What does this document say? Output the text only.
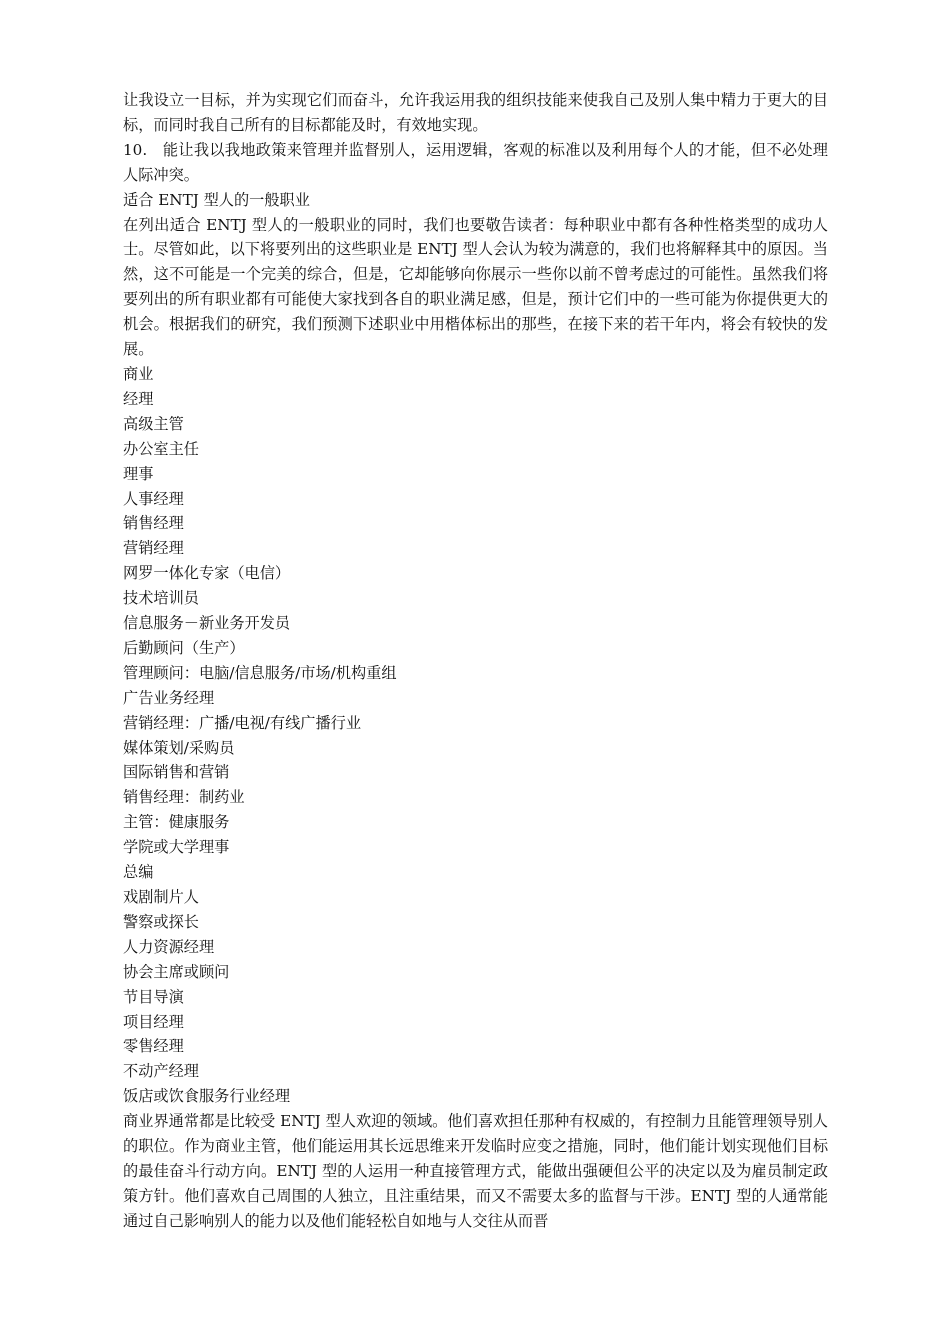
让我设立一目标，并为实现它们而奋斗，允许我运用我的组织技能来使我自己及别人集中精力于更大的目标，而同时我自己所有的目标都能及时，有效地实现。

10.　能让我以我地政策来管理并监督别人，运用逻辑，客观的标准以及利用每个人的才能，但不必处理人际冲突。

适合 ENTJ 型人的一般职业

在列出适合 ENTJ 型人的一般职业的同时，我们也要敬告读者：每种职业中都有各种性格类型的成功人士。尽管如此，以下将要列出的这些职业是 ENTJ 型人会认为较为满意的，我们也将解释其中的原因。当然，这不可能是一个完美的综合，但是，它却能够向你展示一些你以前不曾考虑过的可能性。虽然我们将要列出的所有职业都有可能使大家找到各自的职业满足感，但是，预计它们中的一些可能为你提供更大的机会。根据我们的研究，我们预测下述职业中用楷体标出的那些，在接下来的若干年内，将会有较快的发展。

商业

经理
高级主管
办公室主任
理事
人事经理
销售经理
营销经理
网罗一体化专家（电信）
技术培训员
信息服务－新业务开发员
后勤顾问（生产）
管理顾问：电脑/信息服务/市场/机构重组
广告业务经理
营销经理：广播/电视/有线广播行业
媒体策划/采购员
国际销售和营销
销售经理：制药业
主管：健康服务
学院或大学理事
总编
戏剧制片人
警察或探长
人力资源经理
协会主席或顾问
节目导演
项目经理
零售经理
不动产经理
饭店或饮食服务行业经理

商业界通常都是比较受 ENTJ 型人欢迎的领域。他们喜欢担任那种有权威的，有控制力且能管理领导别人的职位。作为商业主管，他们能运用其长远思维来开发临时应变之措施，同时，他们能计划实现他们目标的最佳奋斗行动方向。ENTJ 型的人运用一种直接管理方式，能做出强硬但公平的决定以及为雇员制定政策方针。他们喜欢自己周围的人独立，且注重结果，而又不需要太多的监督与干涉。ENTJ 型的人通常能通过自己影响别人的能力以及他们能轻松自如地与人交往从而晋
